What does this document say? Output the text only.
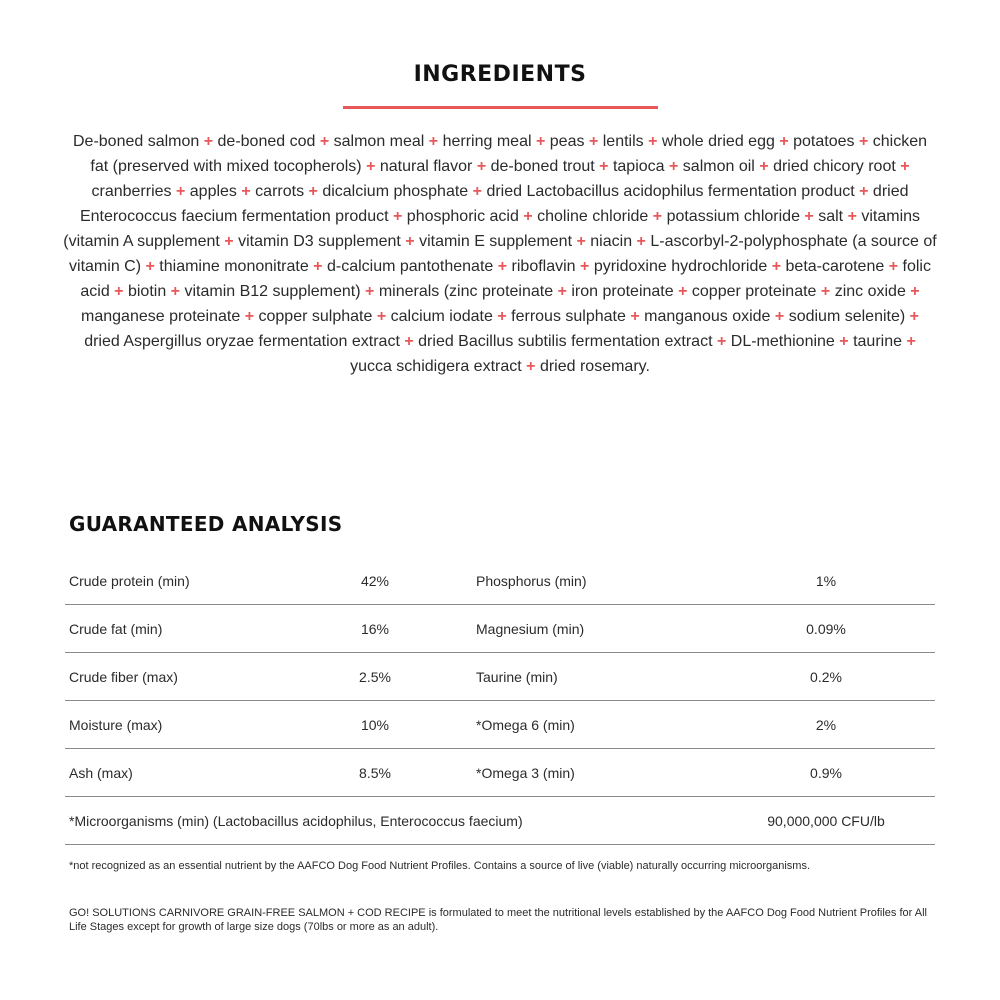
INGREDIENTS
De-boned salmon + de-boned cod + salmon meal + herring meal + peas + lentils + whole dried egg + potatoes + chicken fat (preserved with mixed tocopherols) + natural flavor + de-boned trout + tapioca + salmon oil + dried chicory root + cranberries + apples + carrots + dicalcium phosphate + dried Lactobacillus acidophilus fermentation product + dried Enterococcus faecium fermentation product + phosphoric acid + choline chloride + potassium chloride + salt + vitamins (vitamin A supplement + vitamin D3 supplement + vitamin E supplement + niacin + L-ascorbyl-2-polyphosphate (a source of vitamin C) + thiamine mononitrate + d-calcium pantothenate + riboflavin + pyridoxine hydrochloride + beta-carotene + folic acid + biotin + vitamin B12 supplement) + minerals (zinc proteinate + iron proteinate + copper proteinate + zinc oxide + manganese proteinate + copper sulphate + calcium iodate + ferrous sulphate + manganous oxide + sodium selenite) + dried Aspergillus oryzae fermentation extract + dried Bacillus subtilis fermentation extract + DL-methionine + taurine + yucca schidigera extract + dried rosemary.
GUARANTEED ANALYSIS
Crude protein (min)	42%	Phosphorus (min)	1%
Crude fat (min)	16%	Magnesium (min)	0.09%
Crude fiber (max)	2.5%	Taurine (min)	0.2%
Moisture (max)	10%	*Omega 6 (min)	2%
Ash (max)	8.5%	*Omega 3 (min)	0.9%
*Microorganisms (min) (Lactobacillus acidophilus, Enterococcus faecium)	90,000,000 CFU/lb
*not recognized as an essential nutrient by the AAFCO Dog Food Nutrient Profiles. Contains a source of live (viable) naturally occurring microorganisms.
GO! SOLUTIONS CARNIVORE GRAIN-FREE SALMON + COD RECIPE is formulated to meet the nutritional levels established by the AAFCO Dog Food Nutrient Profiles for All Life Stages except for growth of large size dogs (70lbs or more as an adult).
